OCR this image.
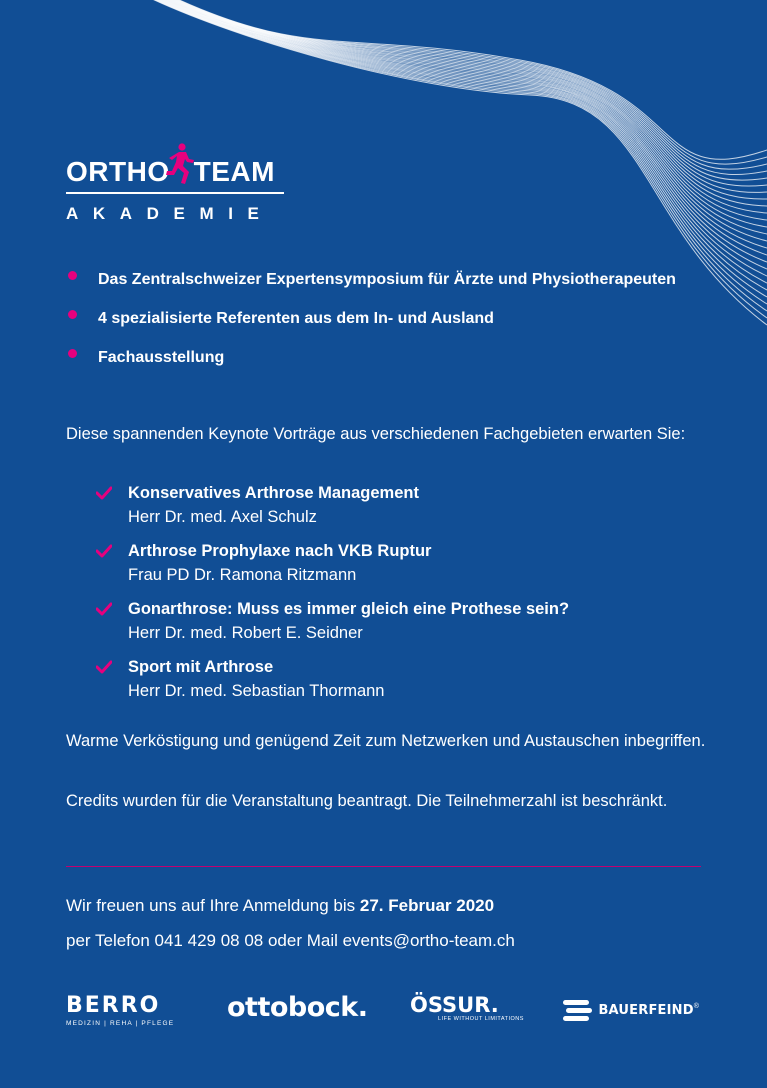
ORTHO TEAM
AKADEMIE
Das Zentralschweizer Expertensymposium für Ärzte und Physiotherapeuten
4 spezialisierte Referenten aus dem In- und Ausland
Fachausstellung
Diese spannenden Keynote Vorträge aus verschiedenen Fachgebieten erwarten Sie:
Konservatives Arthrose Management
Herr Dr. med. Axel Schulz
Arthrose Prophylaxe nach VKB Ruptur
Frau PD Dr. Ramona Ritzmann
Gonarthrose: Muss es immer gleich eine Prothese sein?
Herr Dr. med. Robert E. Seidner
Sport mit Arthrose
Herr Dr. med. Sebastian Thormann
Warme Verköstigung und genügend Zeit zum Netzwerken und Austauschen inbegriffen.
Credits wurden für die Veranstaltung beantragt. Die Teilnehmerzahl ist beschränkt.
Wir freuen uns auf Ihre Anmeldung bis 27. Februar 2020
per Telefon 041 429 08 08 oder Mail events@ortho-team.ch
BERRO
MEDIZIN | REHA | PFLEGE
ottobock. ÖSSUR.
LIFE WITHOUT LIMITATIONS
BAUERFEIND®
